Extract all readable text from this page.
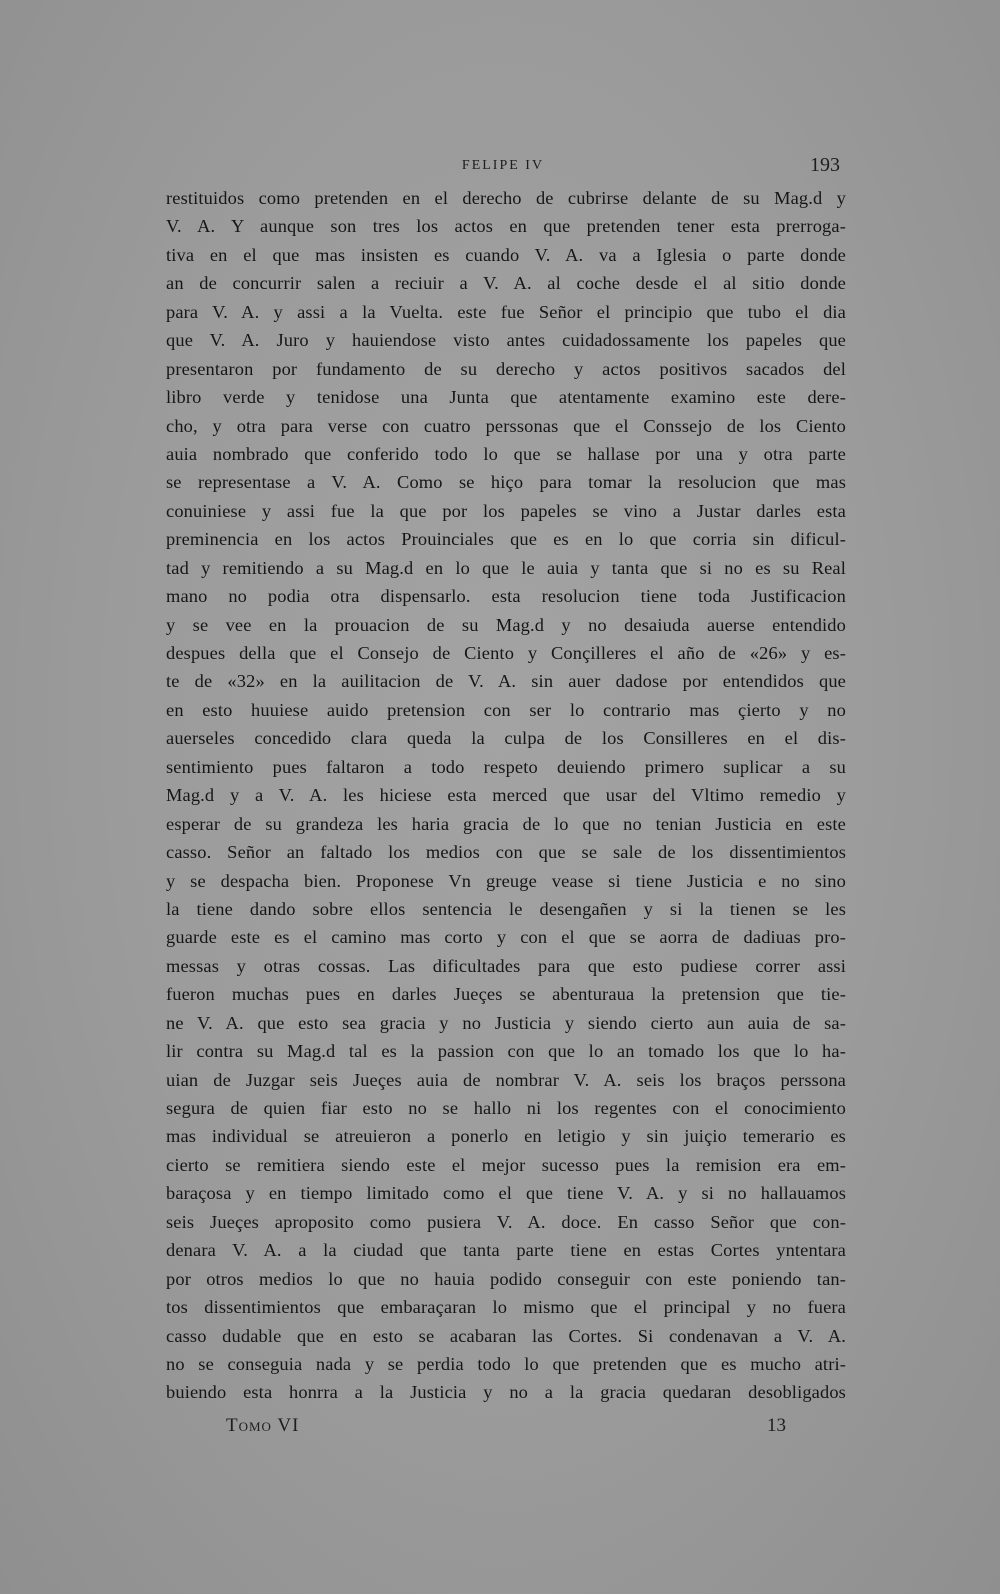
FELIPE IV	193
restituidos como pretenden en el derecho de cubrirse delante de su Mag.d y
V. A. Y aunque son tres los actos en que pretenden tener esta prerroga-
tiva en el que mas insisten es cuando V. A. va a Iglesia o parte donde
an de concurrir salen a reciuir a V. A. al coche desde el al sitio donde
para V. A. y assi a la Vuelta. este fue Señor el principio que tubo el dia
que V. A. Juro y hauiendose visto antes cuidadossamente los papeles que
presentaron por fundamento de su derecho y actos positivos sacados del
libro verde y tenidose una Junta que atentamente examino este dere-
cho, y otra para verse con cuatro perssonas que el Conssejo de los Ciento
auia nombrado que conferido todo lo que se hallase por una y otra parte
se representase a V. A. Como se hiço para tomar la resolucion que mas
conuiniese y assi fue la que por los papeles se vino a Justar darles esta
preminencia en los actos Prouinciales que es en lo que corria sin dificul-
tad y remitiendo a su Mag.d en lo que le auia y tanta que si no es su Real
mano no podia otra dispensarlo. esta resolucion tiene toda Justificacion
y se vee en la prouacion de su Mag.d y no desaiuda auerse entendido
despues della que el Consejo de Ciento y Conçilleres el año de «26» y es-
te de «32» en la auilitacion de V. A. sin auer dadose por entendidos que
en esto huuiese auido pretension con ser lo contrario mas çierto y no
auerseles concedido clara queda la culpa de los Consilleres en el dis-
sentimiento pues faltaron a todo respeto deuiendo primero suplicar a su
Mag.d y a V. A. les hiciese esta merced que usar del Vltimo remedio y
esperar de su grandeza les haria gracia de lo que no tenian Justicia en este
casso. Señor an faltado los medios con que se sale de los dissentimientos
y se despacha bien. Proponese Vn greuge vease si tiene Justicia e no sino
la tiene dando sobre ellos sentencia le desengañen y si la tienen se les
guarde este es el camino mas corto y con el que se aorra de dadiuas pro-
messas y otras cossas. Las dificultades para que esto pudiese correr assi
fueron muchas pues en darles Jueçes se abenturaua la pretension que tie-
ne V. A. que esto sea gracia y no Justicia y siendo cierto aun auia de sa-
lir contra su Mag.d tal es la passion con que lo an tomado los que lo ha-
uian de Juzgar seis Jueçes auia de nombrar V. A. seis los braços perssona
segura de quien fiar esto no se hallo ni los regentes con el conocimiento
mas individual se atreuieron a ponerlo en letigio y sin juiçio temerario es
cierto se remitiera siendo este el mejor sucesso pues la remision era em-
baraçosa y en tiempo limitado como el que tiene V. A. y si no hallauamos
seis Jueçes aproposito como pusiera V. A. doce. En casso Señor que con-
denara V. A. a la ciudad que tanta parte tiene en estas Cortes yntentara
por otros medios lo que no hauia podido conseguir con este poniendo tan-
tos dissentimientos que embaraçaran lo mismo que el principal y no fuera
casso dudable que en esto se acabaran las Cortes. Si condenavan a V. A.
no se conseguia nada y se perdia todo lo que pretenden que es mucho atri-
buiendo esta honrra a la Justicia y no a la gracia quedaran desobligados
Tomo VI	13
